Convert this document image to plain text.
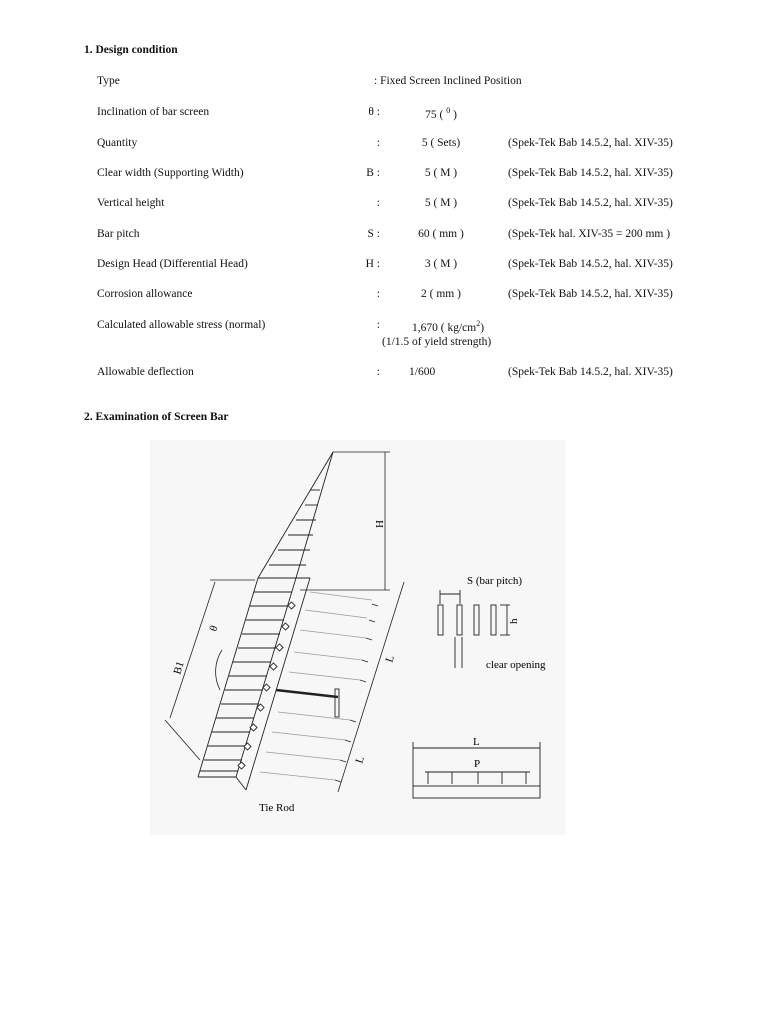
1. Design condition
Type	: Fixed Screen Inclined Position
Inclination of bar screen	θ :	75 ( $^0$ )
Quantity	:	5 ( Sets)	(Spek-Tek Bab 14.5.2, hal. XIV-35)
Clear width (Supporting Width)	B :	5 ( M )	(Spek-Tek Bab 14.5.2, hal. XIV-35)
Vertical height	:	5 ( M )	(Spek-Tek Bab 14.5.2, hal. XIV-35)
Bar pitch	S :	60 ( mm )	(Spek-Tek hal. XIV-35 = 200 mm )
Design Head (Differential Head)	H :	3 ( M )	(Spek-Tek Bab 14.5.2, hal. XIV-35)
Corrosion allowance	:	2 ( mm )	(Spek-Tek Bab 14.5.2, hal. XIV-35)
Calculated allowable stress (normal)	:	1,670 ( $kg/cm^2$)
(1/1.5 of yield strength)
Allowable deflection	:	1/600	(Spek-Tek Bab 14.5.2, hal. XIV-35)
2. Examination of Screen Bar
H
θ
B1
L
L
Tie Rod
S (bar pitch)
h
clear opening
L
P
